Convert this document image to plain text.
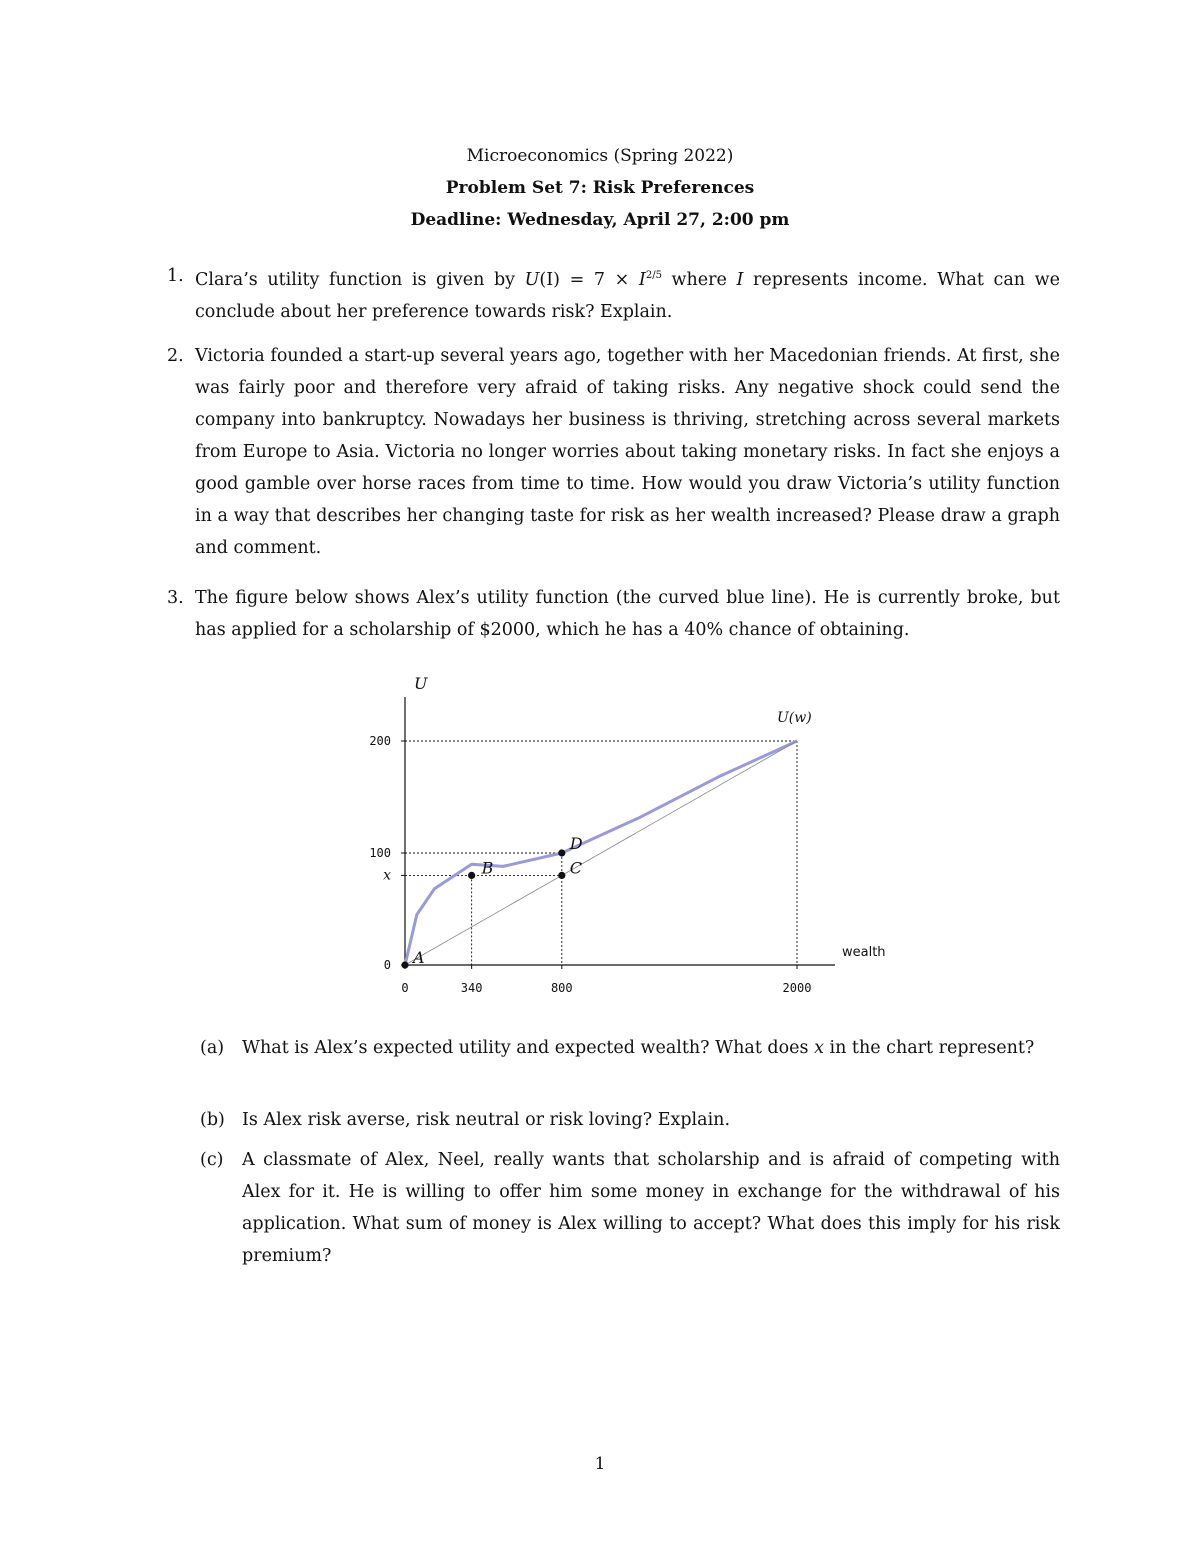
Microeconomics (Spring 2022)
Problem Set 7: Risk Preferences
Deadline: Wednesday, April 27, 2:00 pm
1. Clara’s utility function is given by $U(I) = 7 \times I^{2/5}$ where I represents income. What can we conclude about her preference towards risk? Explain.
2. Victoria founded a start-up several years ago, together with her Macedonian friends. At first, she was fairly poor and therefore very afraid of taking risks. Any negative shock could send the company into bankruptcy. Nowadays her business is thriving, stretching across several markets from Europe to Asia. Victoria no longer worries about taking monetary risks. In fact she enjoys a good gamble over horse races from time to time. How would you draw Victoria’s utility function in a way that describes her changing taste for risk as her wealth increased? Please draw a graph and comment.
3. The figure below shows Alex’s utility function (the curved blue line). He is currently broke, but has applied for a scholarship of $2000, which he has a 40% chance of obtaining.
A
B	C
D
0	340	800	2000
0
x
100
200
U
wealth
U(w)
(a) What is Alex’s expected utility and expected wealth? What does x in the chart represent?
(b) Is Alex risk averse, risk neutral or risk loving? Explain.
(c) A classmate of Alex, Neel, really wants that scholarship and is afraid of competing with Alex for it. He is willing to offer him some money in exchange for the withdrawal of his application. What sum of money is Alex willing to accept? What does this imply for his risk premium?
1
